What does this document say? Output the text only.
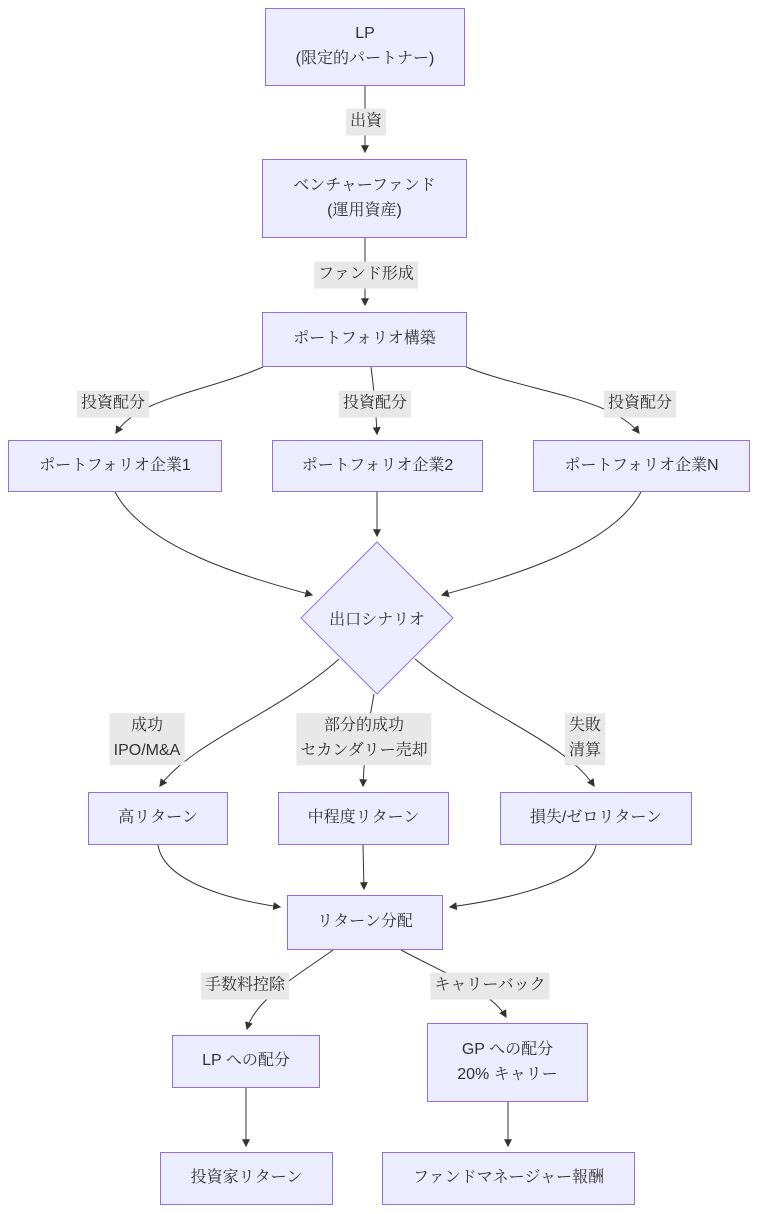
出資
ファンド形成
投資配分	投資配分	投資配分
成功
IPO/M&A
部分的成功
セカンダリー売却
失敗
清算
手数料控除	キャリーバック
LP
(限定的パートナー)
ベンチャーファンド
(運用資産)
ポートフォリオ構築
ポートフォリオ企業1	ポートフォリオ企業2	ポートフォリオ企業N
出口シナリオ
高リターン	中程度リターン	損失/ゼロリターン
リターン分配
LP への配分
GP への配分
20% キャリー
投資家リターン	ファンドマネージャー報酬
